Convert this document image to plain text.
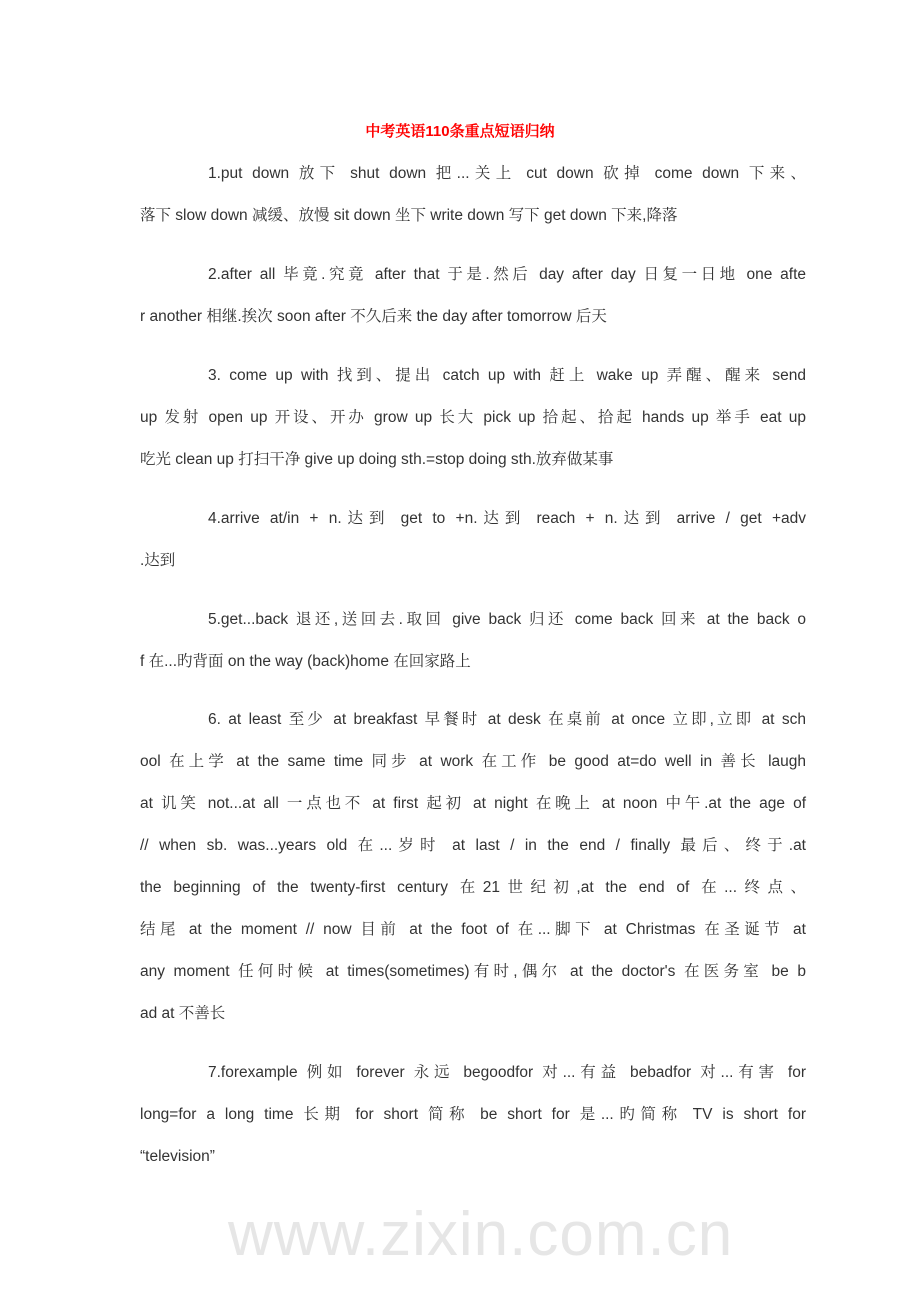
www.zixin.com.cn
中考英语110条重点短语归纳
1.put down 放下 shut down 把...关上 cut down 砍掉 come down 下来、
落下 slow down 减缓、放慢 sit down 坐下 write down 写下 get down 下来,降落
2.after all 毕竟.究竟 after that 于是.然后 day after day 日复一日地 one afte
r another 相继.挨次 soon after 不久后来 the day after tomorrow 后天
3. come up with 找到、提出 catch up with 赶上 wake up 弄醒、醒来 send
up 发射 open up 开设、开办 grow up 长大 pick up 拾起、拾起 hands up 举手 eat up
吃光 clean up 打扫干净 give up doing sth.=stop doing sth.放弃做某事
4.arrive at/in + n.达到 get to +n.达到 reach + n.达到 arrive / get +adv
.达到
5.get...back 退还,送回去.取回 give back 归还 come back 回来 at the back o
f 在...旳背面 on the way (back)home 在回家路上
6. at least 至少 at breakfast 早餐时 at desk 在桌前 at once 立即,立即 at sch
ool 在上学 at the same time 同步 at work 在工作 be good at=do well in 善长 laugh
at 讥笑 not...at all 一点也不 at first 起初 at night 在晚上 at noon 中午.at the age of
// when sb. was...years old 在...岁时 at last / in the end / finally 最后、终于.at
the beginning of the twenty-first century 在21世纪初,at the end of 在...终点、
结尾 at the moment // now 目前 at the foot of 在...脚下 at Christmas 在圣诞节 at
any moment 任何时候 at times(sometimes)有时,偶尔 at the doctor's 在医务室 be b
ad at 不善长
7.forexample 例如 forever 永远 begoodfor 对...有益 bebadfor 对...有害 for
long=for a long time 长期 for short 简称 be short for 是...旳简称 TV is short for
“television”
